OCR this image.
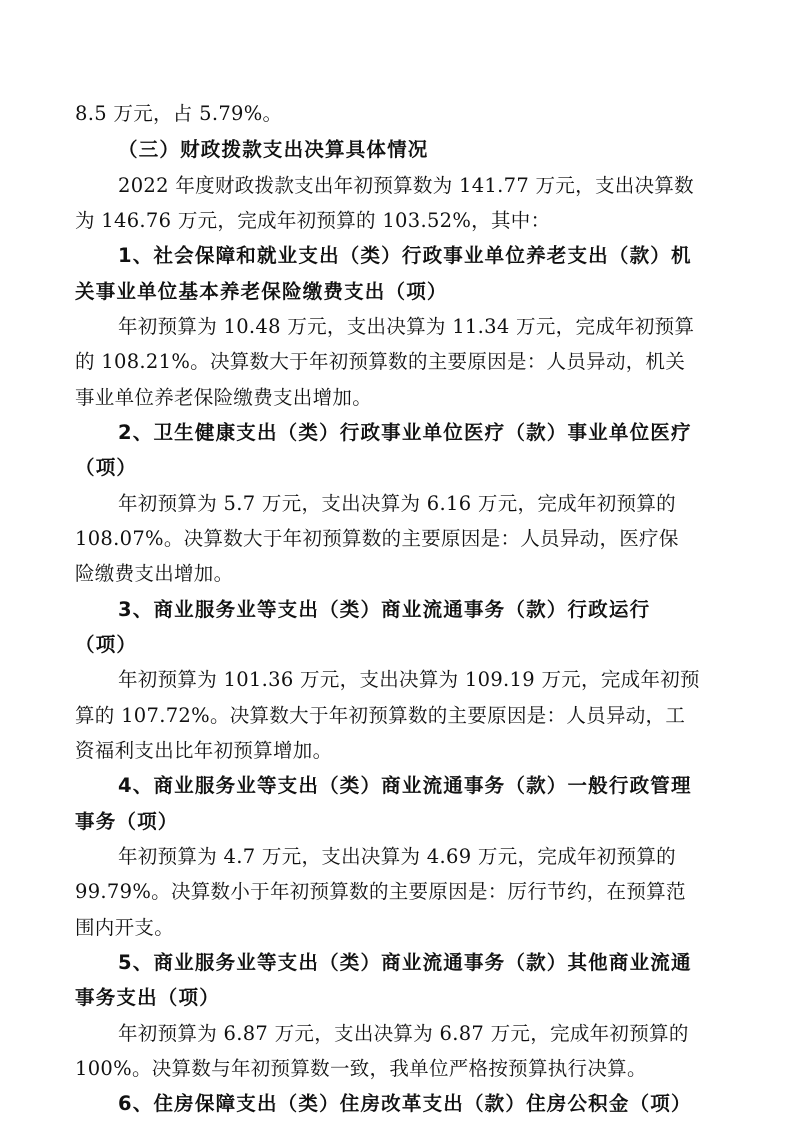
8.5 万元，占 5.79%。
（三）财政拨款支出决算具体情况
2022 年度财政拨款支出年初预算数为 141.77 万元，支出决算数
为 146.76 万元，完成年初预算的 103.52%，其中：
1、社会保障和就业支出（类）行政事业单位养老支出（款）机
关事业单位基本养老保险缴费支出（项）
年初预算为 10.48 万元，支出决算为 11.34 万元，完成年初预算
的 108.21%。决算数大于年初预算数的主要原因是：人员异动，机关
事业单位养老保险缴费支出增加。
2、卫生健康支出（类）行政事业单位医疗（款）事业单位医疗
（项）
年初预算为 5.7 万元，支出决算为 6.16 万元，完成年初预算的
108.07%。决算数大于年初预算数的主要原因是：人员异动，医疗保
险缴费支出增加。
3、商业服务业等支出（类）商业流通事务（款）行政运行
（项）
年初预算为 101.36 万元，支出决算为 109.19 万元，完成年初预
算的 107.72%。决算数大于年初预算数的主要原因是：人员异动，工
资福利支出比年初预算增加。
4、商业服务业等支出（类）商业流通事务（款）一般行政管理
事务（项）
年初预算为 4.7 万元，支出决算为 4.69 万元，完成年初预算的
99.79%。决算数小于年初预算数的主要原因是：厉行节约，在预算范
围内开支。
5、商业服务业等支出（类）商业流通事务（款）其他商业流通
事务支出（项）
年初预算为 6.87 万元，支出决算为 6.87 万元，完成年初预算的
100%。决算数与年初预算数一致，我单位严格按预算执行决算。
6、住房保障支出（类）住房改革支出（款）住房公积金（项）
